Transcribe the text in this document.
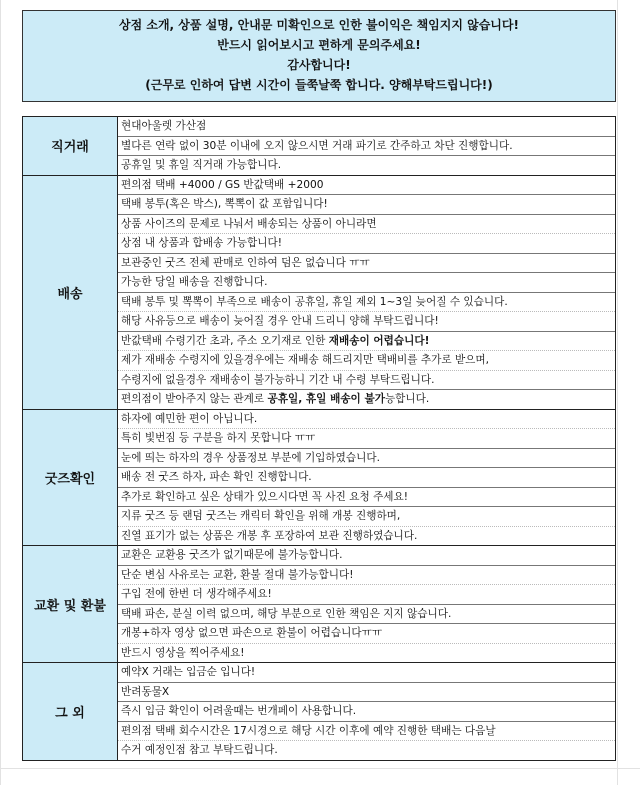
상점 소개, 상품 설명, 안내문 미확인으로 인한 불이익은 책임지지 않습니다!
반드시 읽어보시고 편하게 문의주세요!
감사합니다!
(근무로 인하여 답변 시간이 들쭉날쭉 합니다. 양해부탁드립니다!)
직거래
현대아울렛 가산점
별다른 연락 없이 30분 이내에 오지 않으시면 거래 파기로 간주하고 차단 진행합니다.
공휴일 및 휴일 직거래 가능합니다.
배송
편의점 택배 +4000 / GS 반값택배 +2000
택배 봉투(혹은 박스), 뽁뽁이 값 포함입니다!
상품 사이즈의 문제로 나눠서 배송되는 상품이 아니라면
상점 내 상품과 합배송 가능합니다!
보관중인 굿즈 전체 판매로 인하여 덤은 없습니다 ㅠㅠ
가능한 당일 배송을 진행합니다.
택배 봉투 및 뽁뽁이 부족으로 배송이 공휴일, 휴일 제외 1~3일 늦어질 수 있습니다.
해당 사유등으로 배송이 늦어질 경우 안내 드리니 양해 부탁드립니다!
반값택배 수령기간 초과, 주소 오기재로 인한 재배송이 어렵습니다!
제가 재배송 수령지에 있을경우에는 재배송 해드리지만 택배비를 추가로 받으며,
수령지에 없을경우 재배송이 불가능하니 기간 내 수령 부탁드립니다.
편의점이 받아주지 않는 관계로 공휴일, 휴일 배송이 불가능합니다.
굿즈확인
하자에 예민한 편이 아닙니다.
특히 빛번짐 등 구분을 하지 못합니다 ㅠㅠ
눈에 띄는 하자의 경우 상품정보 부분에 기입하였습니다.
배송 전 굿즈 하자, 파손 확인 진행합니다.
추가로 확인하고 싶은 상태가 있으시다면 꼭 사진 요청 주세요!
지류 굿즈 등 랜덤 굿즈는 캐릭터 확인을 위해 개봉 진행하며,
진열 표기가 없는 상품은 개봉 후 포장하여 보관 진행하였습니다.
교환 및 환불
교환은 교환용 굿즈가 없기때문에 불가능합니다.
단순 변심 사유로는 교환, 환불 절대 불가능합니다!
구입 전에 한번 더 생각해주세요!
택배 파손, 분실 이력 없으며, 해당 부분으로 인한 책임은 지지 않습니다.
개봉+하자 영상 없으면 파손으로 환불이 어렵습니다ㅠㅠ
반드시 영상을 찍어주세요!
그 외
예약X 거래는 입금순 입니다!
반려동물X
즉시 입금 확인이 어려울때는 번개페이 사용합니다.
편의점 택배 회수시간은 17시경으로 해당 시간 이후에 예약 진행한 택배는 다음날
수거 예정인점 참고 부탁드립니다.
